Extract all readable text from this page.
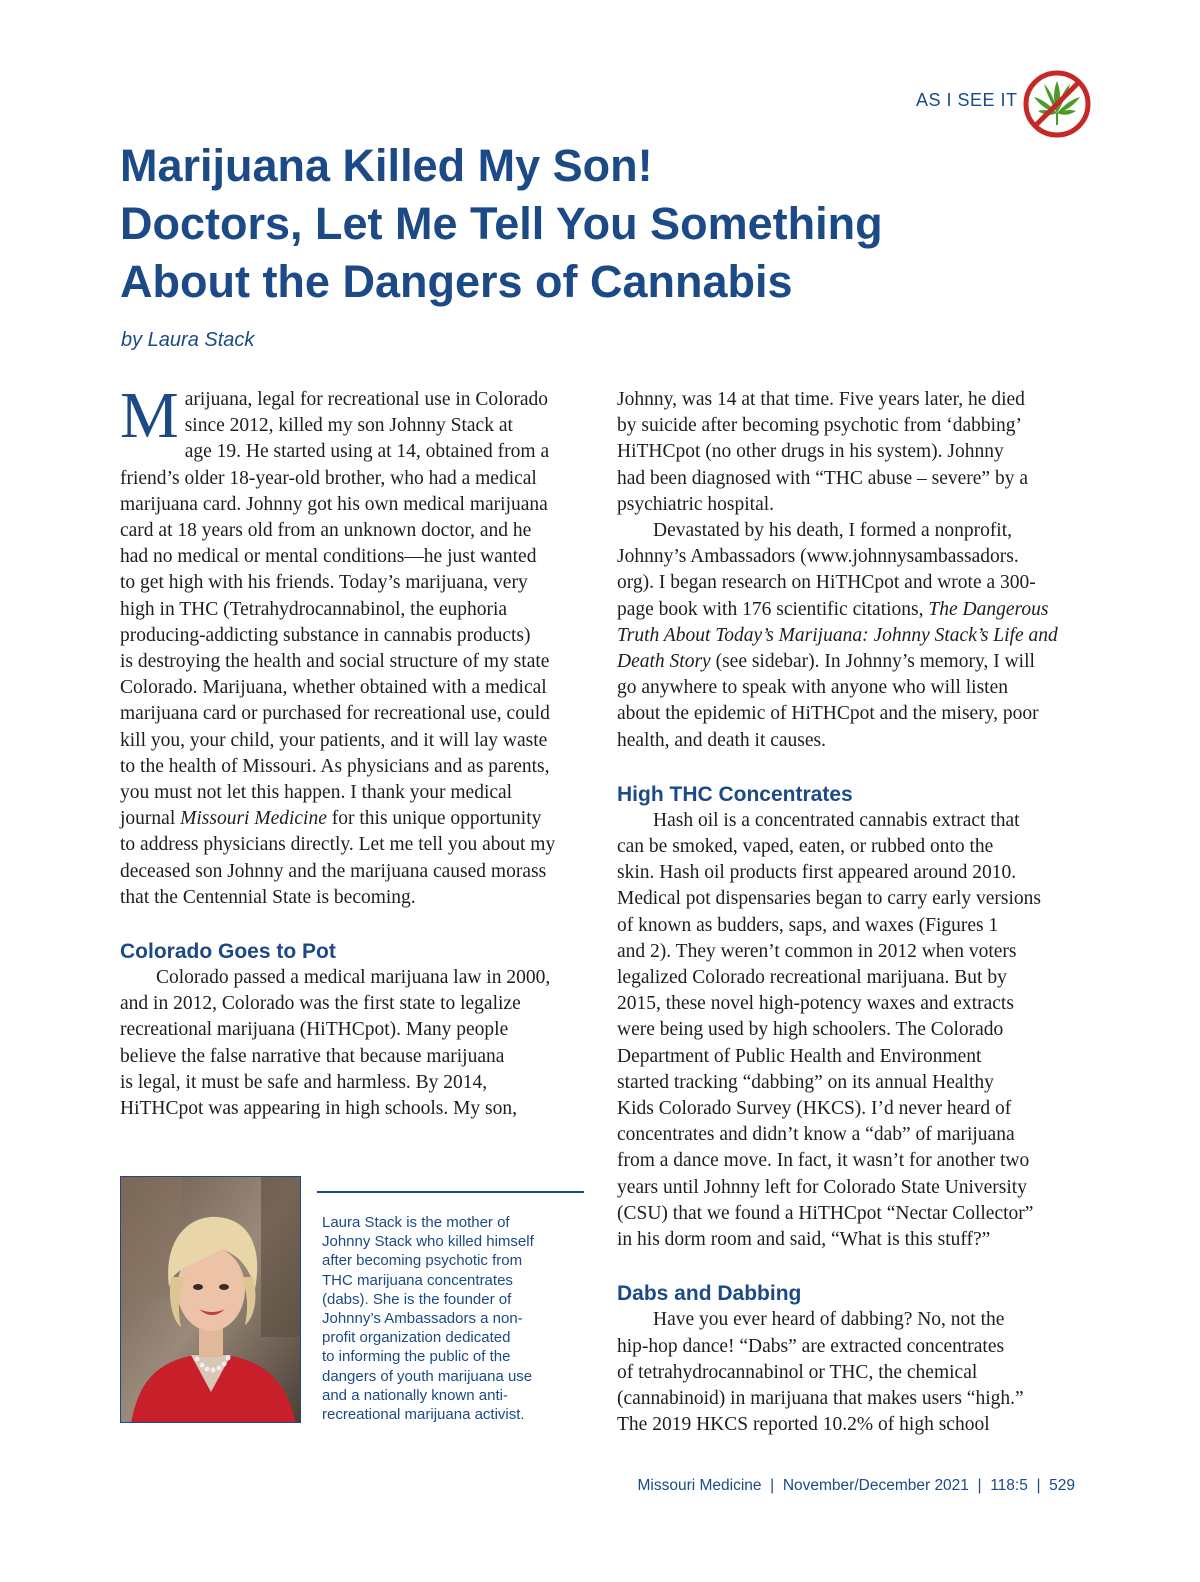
AS I SEE IT
Marijuana Killed My Son!
Doctors, Let Me Tell You Something
About the Dangers of Cannabis
by Laura Stack

M arijuana, legal for recreational use in Colorado
since 2012, killed my son Johnny Stack at
age 19. He started using at 14, obtained from a
friend’s older 18-year-old brother, who had a medical
marijuana card. Johnny got his own medical marijuana
card at 18 years old from an unknown doctor, and he
had no medical or mental conditions—he just wanted
to get high with his friends. Today’s marijuana, very
high in THC (Tetrahydrocannabinol, the euphoria
producing-addicting substance in cannabis products)
is destroying the health and social structure of my state
Colorado. Marijuana, whether obtained with a medical
marijuana card or purchased for recreational use, could
kill you, your child, your patients, and it will lay waste
to the health of Missouri. As physicians and as parents,
you must not let this happen. I thank your medical
journal Missouri Medicine for this unique opportunity
to address physicians directly. Let me tell you about my
deceased son Johnny and the marijuana caused morass
that the Centennial State is becoming.

Colorado Goes to Pot

Colorado passed a medical marijuana law in 2000,
and in 2012, Colorado was the first state to legalize
recreational marijuana (HiTHCpot). Many people
believe the false narrative that because marijuana
is legal, it must be safe and harmless. By 2014,
HiTHCpot was appearing in high schools. My son,

Laura Stack is the mother of
Johnny Stack who killed himself
after becoming psychotic from
THC marijuana concentrates
(dabs). She is the founder of
Johnny’s Ambassadors a non-
profit organization dedicated
to informing the public of the
dangers of youth marijuana use
and a nationally known anti-
recreational marijuana activist.

Johnny, was 14 at that time. Five years later, he died
by suicide after becoming psychotic from ‘dabbing’
HiTHCpot (no other drugs in his system). Johnny
had been diagnosed with “THC abuse – severe” by a
psychiatric hospital.

Devastated by his death, I formed a nonprofit,
Johnny’s Ambassadors (www.johnnysambassadors.
org). I began research on HiTHCpot and wrote a 300-
page book with 176 scientific citations, The Dangerous
Truth About Today’s Marijuana: Johnny Stack’s Life and
Death Story (see sidebar). In Johnny’s memory, I will
go anywhere to speak with anyone who will listen
about the epidemic of HiTHCpot and the misery, poor
health, and death it causes.

High THC Concentrates

Hash oil is a concentrated cannabis extract that
can be smoked, vaped, eaten, or rubbed onto the
skin. Hash oil products first appeared around 2010.
Medical pot dispensaries began to carry early versions
of known as budders, saps, and waxes (Figures 1
and 2). They weren’t common in 2012 when voters
legalized Colorado recreational marijuana. But by
2015, these novel high-potency waxes and extracts
were being used by high schoolers. The Colorado
Department of Public Health and Environment
started tracking “dabbing” on its annual Healthy
Kids Colorado Survey (HKCS). I’d never heard of
concentrates and didn’t know a “dab” of marijuana
from a dance move. In fact, it wasn’t for another two
years until Johnny left for Colorado State University
(CSU) that we found a HiTHCpot “Nectar Collector”
in his dorm room and said, “What is this stuff?”

Dabs and Dabbing

Have you ever heard of dabbing? No, not the
hip-hop dance! “Dabs” are extracted concentrates
of tetrahydrocannabinol or THC, the chemical
(cannabinoid) in marijuana that makes users “high.”
The 2019 HKCS reported 10.2% of high school

Missouri Medicine | November/December 2021 | 118:5 | 529
